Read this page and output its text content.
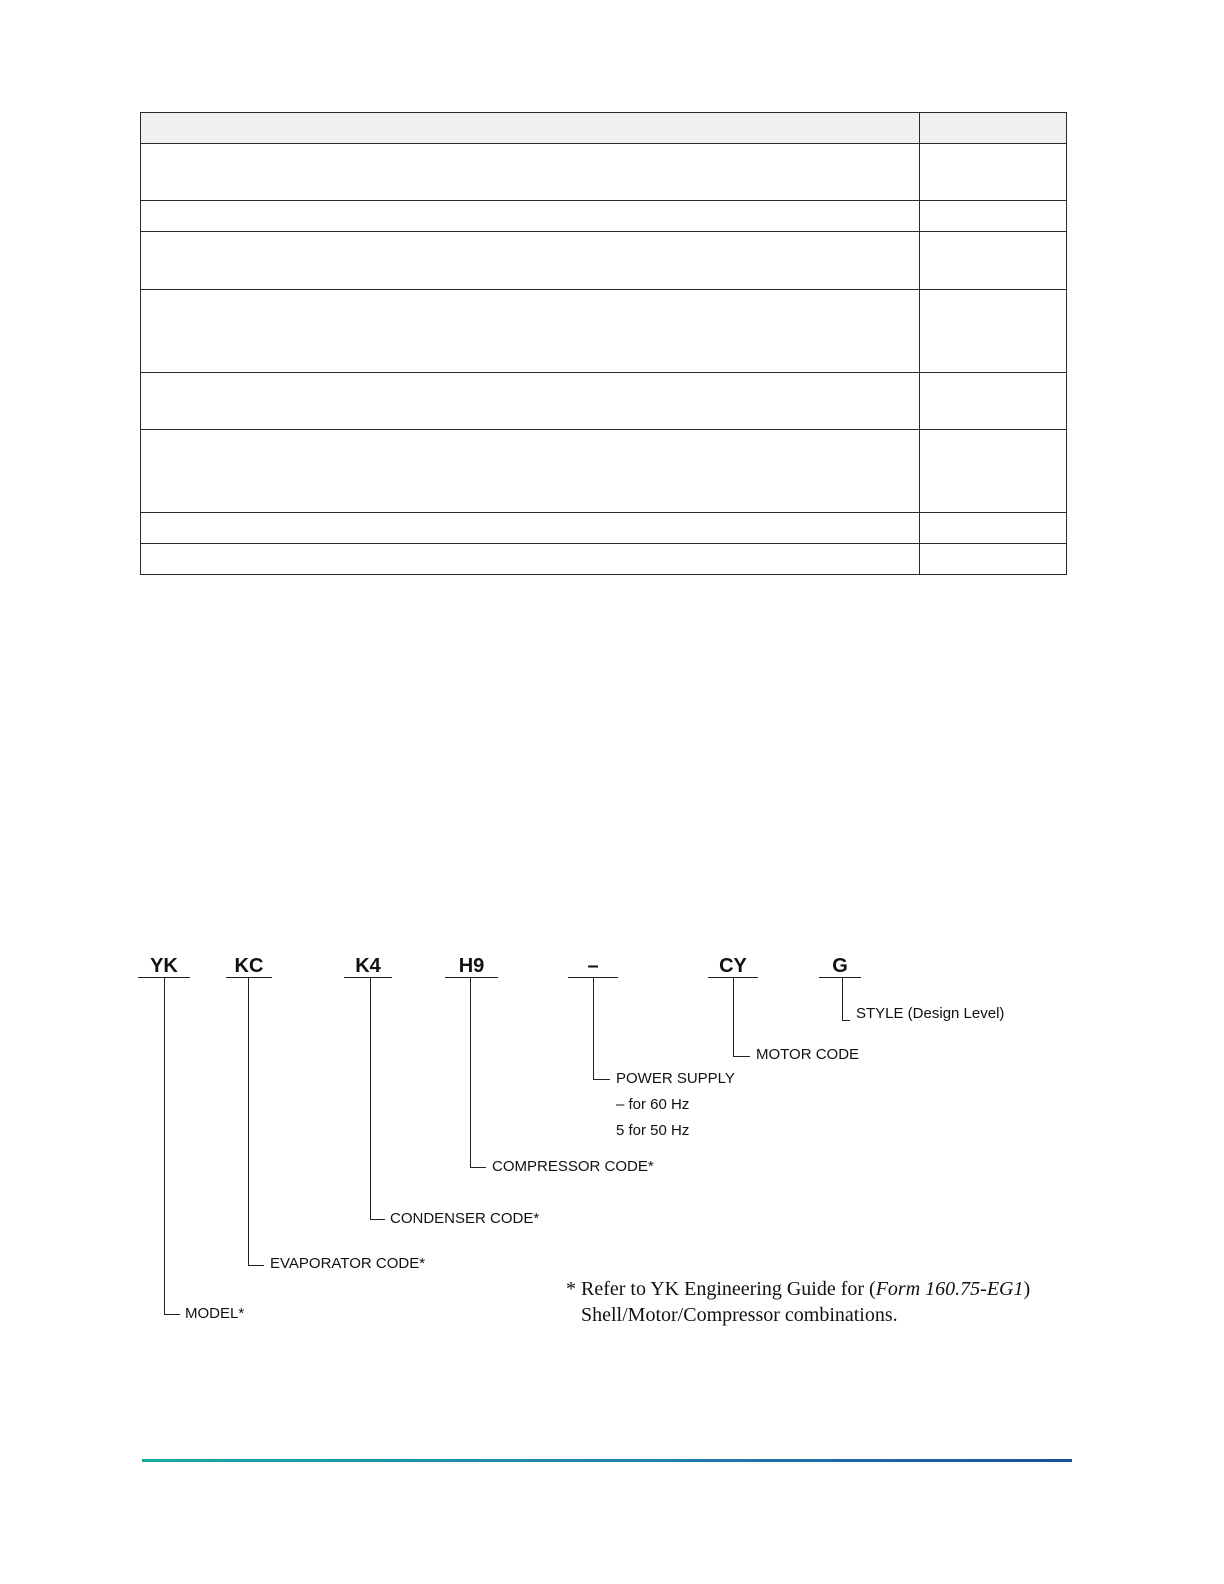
YK	KC	K4	H9	–	CY	G
STYLE (Design Level)
MOTOR CODE
POWER SUPPLY
– for 60 Hz
5 for 50 Hz
COMPRESSOR CODE*
CONDENSER CODE*
EVAPORATOR CODE*
MODEL*
* Refer to YK Engineering Guide for (Form 160.75-EG1)
Shell/Motor/Compressor combinations.
